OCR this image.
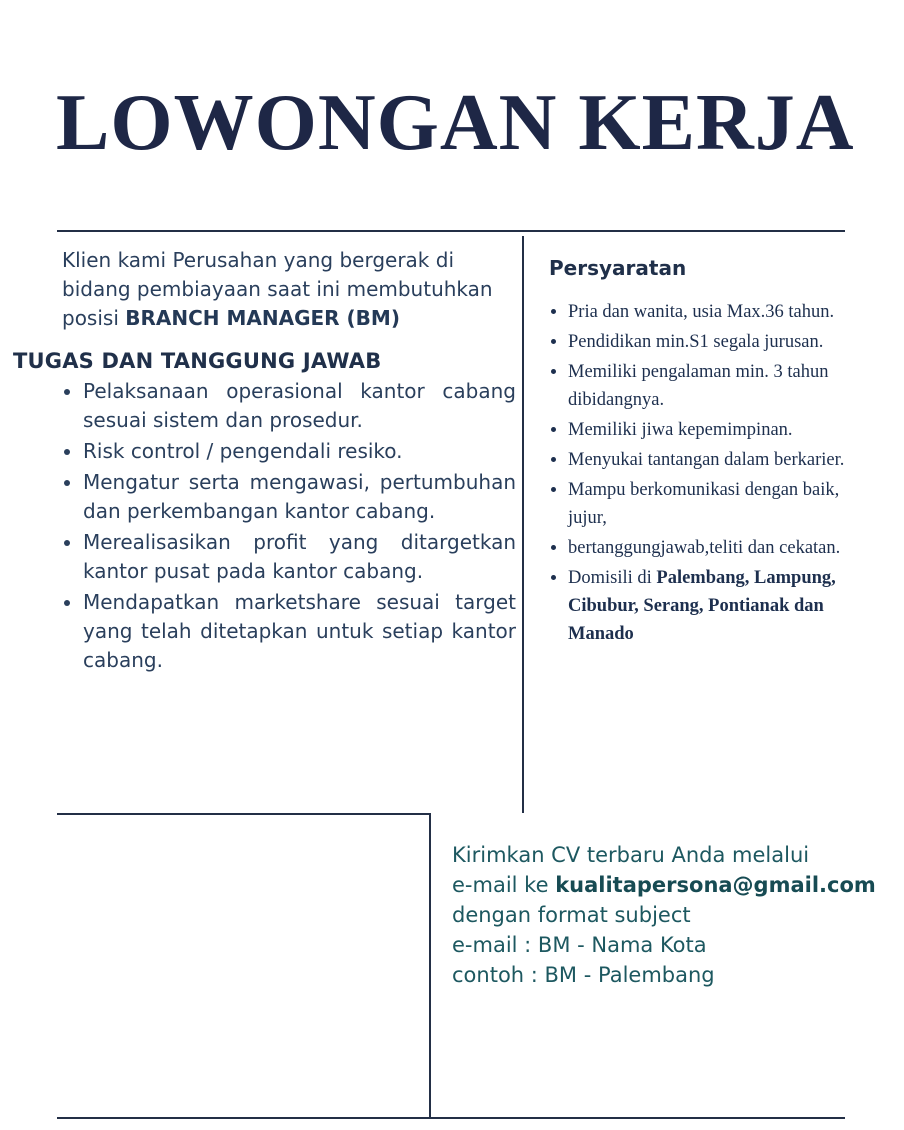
LOWONGAN KERJA

Klien kami Perusahan yang bergerak di bidang pembiayaan saat ini membutuhkan posisi BRANCH MANAGER (BM)

TUGAS DAN TANGGUNG JAWAB
• Pelaksanaan operasional kantor cabang sesuai sistem dan prosedur.
• Risk control / pengendali resiko.
• Mengatur serta mengawasi, pertumbuhan dan perkembangan kantor cabang.
• Merealisasikan profit yang ditargetkan kantor pusat pada kantor cabang.
• Mendapatkan marketshare sesuai target yang telah ditetapkan untuk setiap kantor cabang.
Persyaratan
• Pria dan wanita, usia Max.36 tahun.
• Pendidikan min.S1 segala jurusan.
• Memiliki pengalaman min. 3 tahun dibidangnya.
• Memiliki jiwa kepemimpinan.
• Menyukai tantangan dalam berkarier.
• Mampu berkomunikasi dengan baik, jujur,
• bertanggungjawab,teliti dan cekatan.
• Domisili di Palembang, Lampung, Cibubur, Serang, Pontianak dan Manado

Kirimkan CV terbaru Anda melalui

e-mail ke kualitapersona@gmail.com

dengan format subject

e-mail : BM - Nama Kota

contoh : BM - Palembang
